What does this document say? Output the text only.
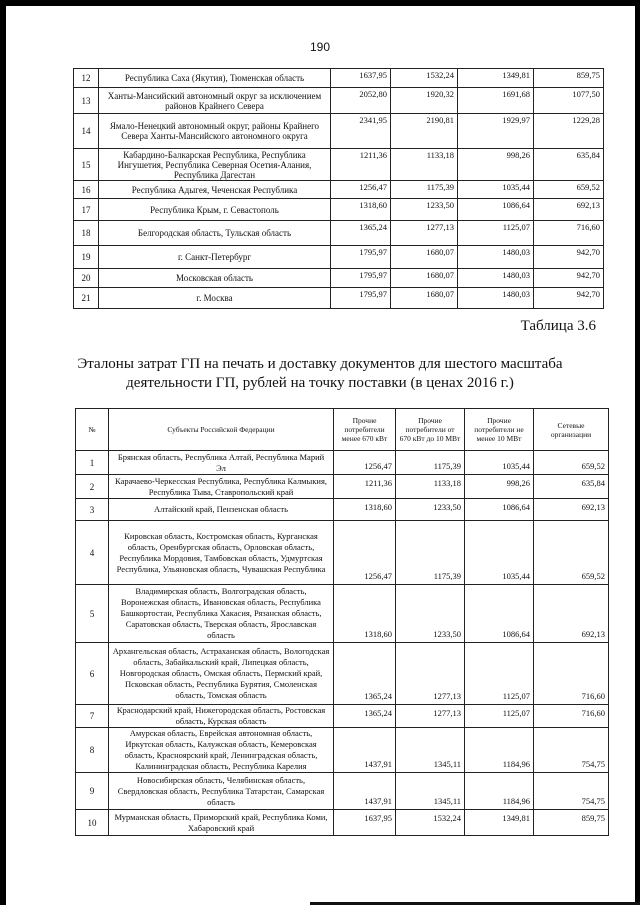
190
12	Республика Саха (Якутия), Тюменская область	1637,95	1532,24	1349,81	859,75
13	Ханты-Мансийский автономный округ за исключением районов Крайнего Севера	2052,80	1920,32	1691,68	1077,50
14	Ямало-Ненецкий автономный округ, районы Крайнего Севера Ханты-Мансийского автономного округа	2341,95	2190,81	1929,97	1229,28
15	Кабардино-Балкарская Республика, Республика Ингушетия, Республика Северная Осетия-Алания, Республика Дагестан	1211,36	1133,18	998,26	635,84
16	Республика Адыгея, Чеченская Республика	1256,47	1175,39	1035,44	659,52
17	Республика Крым, г. Севастополь	1318,60	1233,50	1086,64	692,13
18	Белгородская область, Тульская область	1365,24	1277,13	1125,07	716,60
19	г. Санкт-Петербург	1795,97	1680,07	1480,03	942,70
20	Московская область	1795,97	1680,07	1480,03	942,70
21	г. Москва	1795,97	1680,07	1480,03	942,70
Таблица 3.6
Эталоны затрат ГП на печать и доставку документов для шестого масштаба
деятельности ГП, рублей на точку поставки (в ценах 2016 г.)
№	Субъекты Российской Федерации	Прочие потребители менее 670 кВт	Прочие потребители от 670 кВт до 10 МВт	Прочие потребители не менее 10 МВт	Сетевые организации
1	Брянская область, Республика Алтай, Республика Марий Эл	1256,47	1175,39	1035,44	659,52
2	Карачаево-Черкесская Республика, Республика Калмыкия, Республика Тыва, Ставропольский край	1211,36	1133,18	998,26	635,84
3	Алтайский край, Пензенская область	1318,60	1233,50	1086,64	692,13
4	Кировская область, Костромская область, Курганская область, Оренбургская область, Орловская область, Республика Мордовия, Тамбовская область, Удмуртская Республика, Ульяновская область, Чувашская Республика	1256,47	1175,39	1035,44	659,52
5	Владимирская область, Волгоградская область, Воронежская область, Ивановская область, Республика Башкортостан, Республика Хакасия, Рязанская область, Саратовская область, Тверская область, Ярославская область	1318,60	1233,50	1086,64	692,13
6	Архангельская область, Астраханская область, Вологодская область, Забайкальский край, Липецкая область, Новгородская область, Омская область, Пермский край, Псковская область, Республика Бурятия, Смоленская область, Томская область	1365,24	1277,13	1125,07	716,60
7	Краснодарский край, Нижегородская область, Ростовская область, Курская область	1365,24	1277,13	1125,07	716,60
8	Амурская область, Еврейская автономная область, Иркутская область, Калужская область, Кемеровская область, Красноярский край, Ленинградская область, Калининградская область, Республика Карелия	1437,91	1345,11	1184,96	754,75
9	Новосибирская область, Челябинская область, Свердловская область, Республика Татарстан, Самарская область	1437,91	1345,11	1184,96	754,75
10	Мурманская область, Приморский край, Республика Коми, Хабаровский край	1637,95	1532,24	1349,81	859,75
